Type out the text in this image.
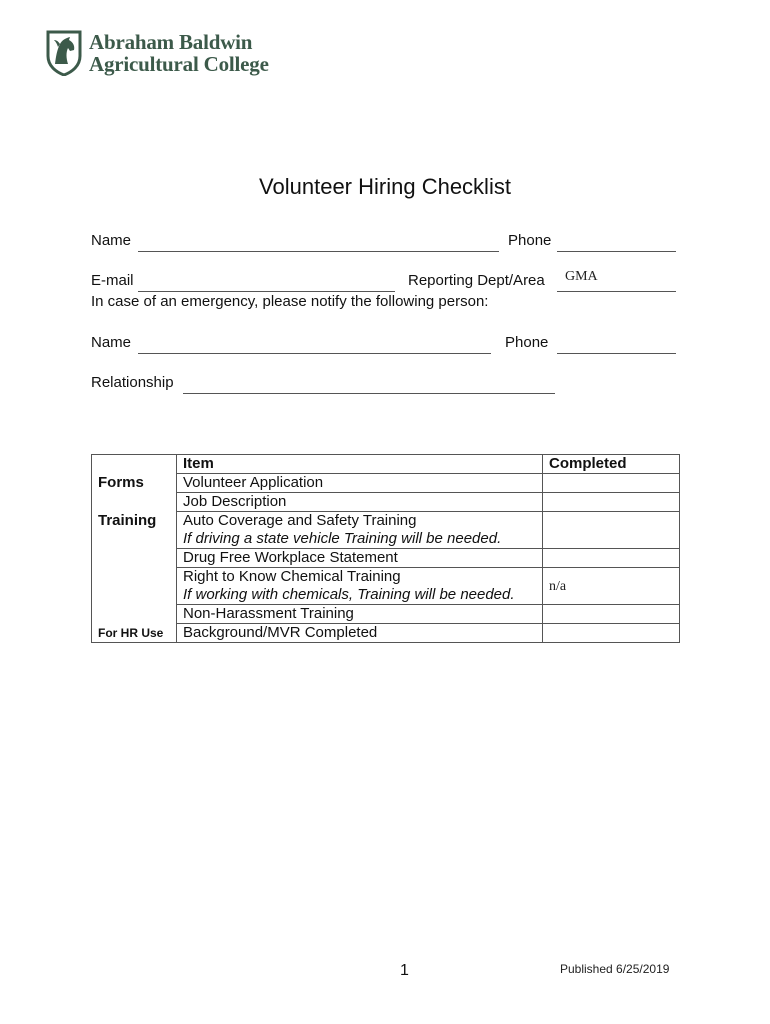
Abraham Baldwin
Agricultural College
Volunteer Hiring Checklist
Name	Phone
E-mail	Reporting Dept/Area GMA
In case of an emergency, please notify the following person:
Name	Phone
Relationship
	Item	Completed
Forms	Volunteer Application	
	Job Description	
Training	Auto Coverage and Safety Training
If driving a state vehicle Training will be needed.	

	Drug Free Workplace Statement	

	Right to Know Chemical Training
If working with chemicals, Training will be needed.	n/a
	Non-Harassment Training	
For HR Use	Background/MVR Completed	
1	Published 6/25/2019
